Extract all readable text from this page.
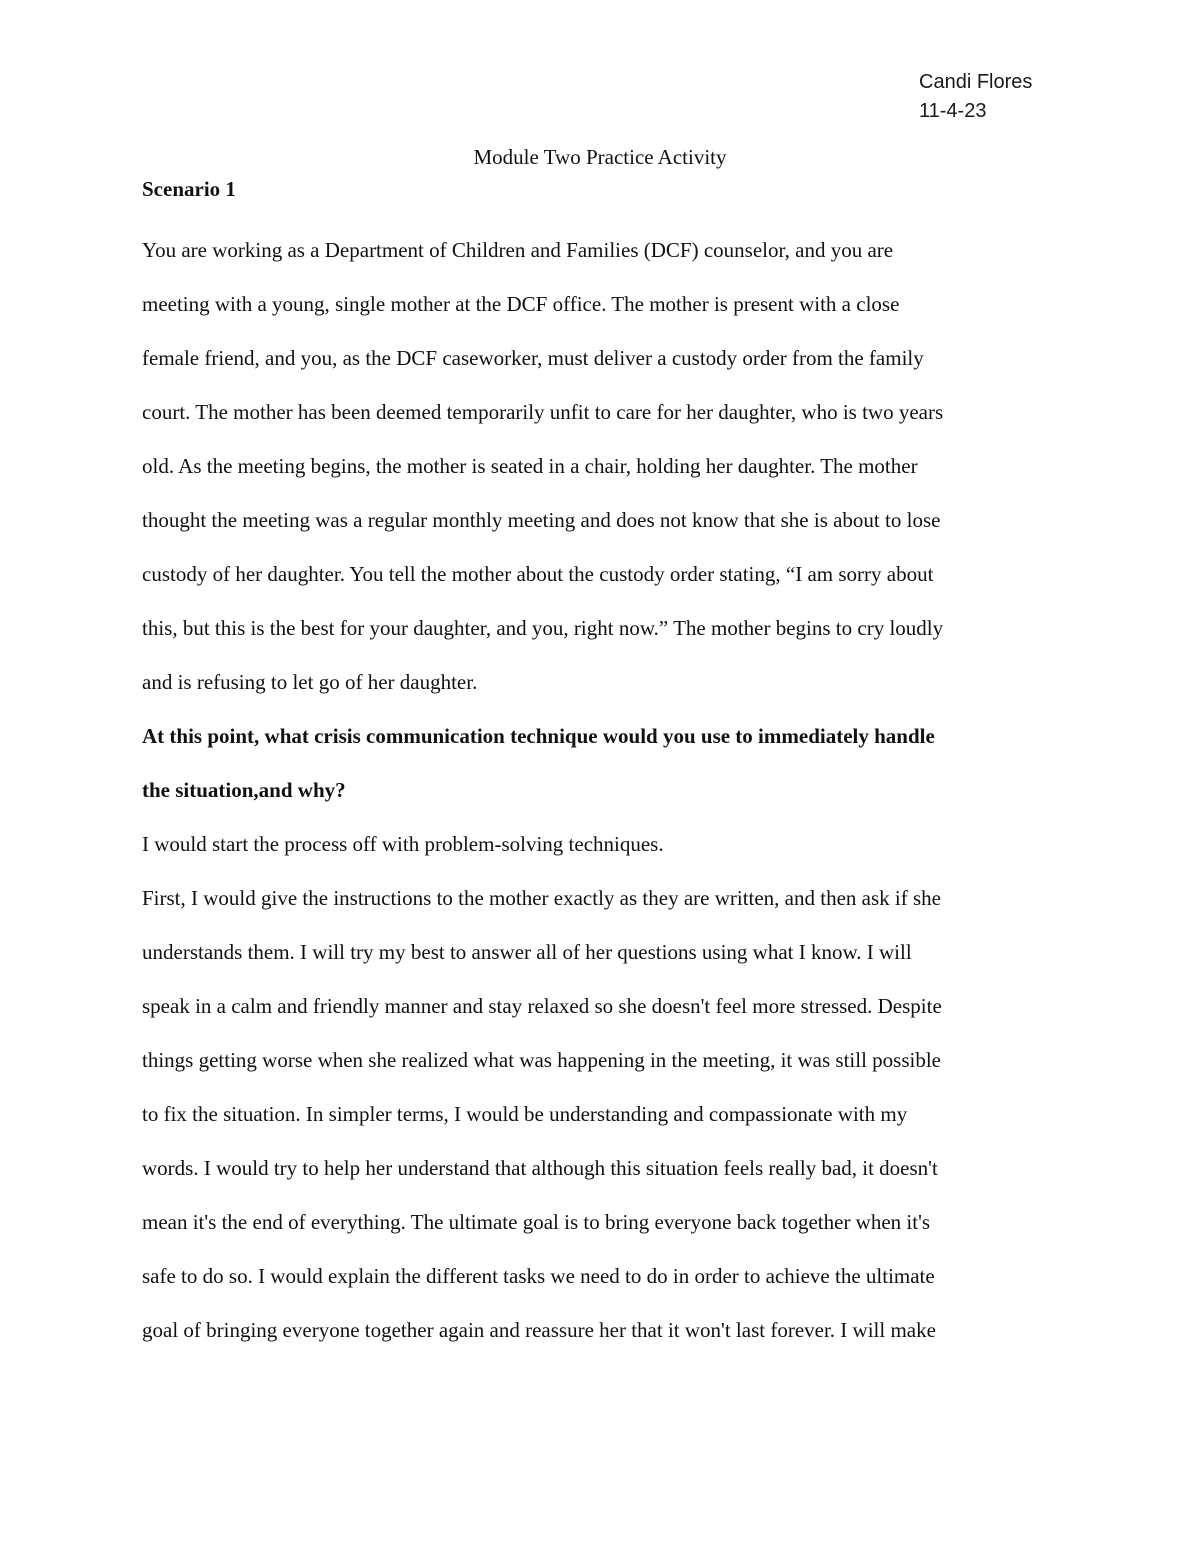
Candi Flores
11-4-23
Module Two Practice Activity
Scenario 1
You are working as a Department of Children and Families (DCF) counselor, and you are
meeting with a young, single mother at the DCF office. The mother is present with a close
female friend, and you, as the DCF caseworker, must deliver a custody order from the family
court. The mother has been deemed temporarily unfit to care for her daughter, who is two years
old. As the meeting begins, the mother is seated in a chair, holding her daughter. The mother
thought the meeting was a regular monthly meeting and does not know that she is about to lose
custody of her daughter. You tell the mother about the custody order stating, “I am sorry about
this, but this is the best for your daughter, and you, right now.” The mother begins to cry loudly
and is refusing to let go of her daughter.
At this point, what crisis communication technique would you use to immediately handle
the situation,and why?
I would start the process off with problem-solving techniques.
First, I would give the instructions to the mother exactly as they are written, and then ask if she
understands them. I will try my best to answer all of her questions using what I know. I will
speak in a calm and friendly manner and stay relaxed so she doesn't feel more stressed. Despite
things getting worse when she realized what was happening in the meeting, it was still possible
to fix the situation. In simpler terms, I would be understanding and compassionate with my
words. I would try to help her understand that although this situation feels really bad, it doesn't
mean it's the end of everything. The ultimate goal is to bring everyone back together when it's
safe to do so. I would explain the different tasks we need to do in order to achieve the ultimate
goal of bringing everyone together again and reassure her that it won't last forever. I will make
